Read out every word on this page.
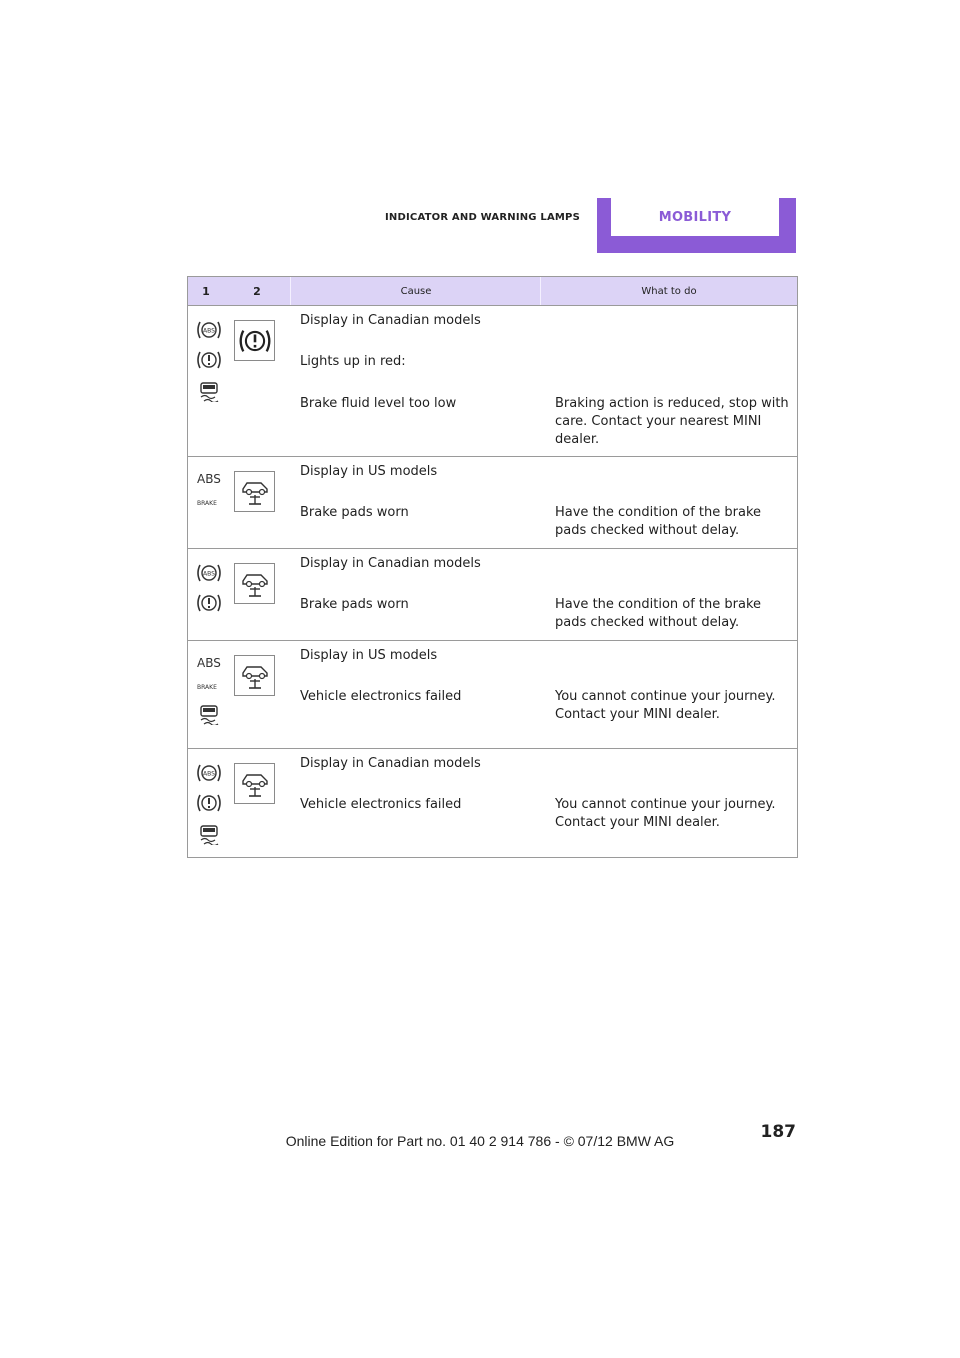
INDICATOR AND WARNING LAMPS	MOBILITY
1	2	Cause	What to do
ABS
Display in Canadian models
Lights up in red:
Brake fluid level too low	Braking action is reduced, stop with care. Contact your nearest MINI dealer.
ABS
BRAKE
Display in US models
Brake pads worn	Have the condition of the brake pads checked without delay.
ABS
Display in Canadian models
Brake pads worn	Have the condition of the brake pads checked without delay.
ABS
BRAKE
Display in US models
Vehicle electronics failed	You cannot continue your journey. Contact your MINI dealer.
ABS
Display in Canadian models
Vehicle electronics failed	You cannot continue your journey. Contact your MINI dealer.
187
Online Edition for Part no. 01 40 2 914 786 - © 07/12 BMW AG
